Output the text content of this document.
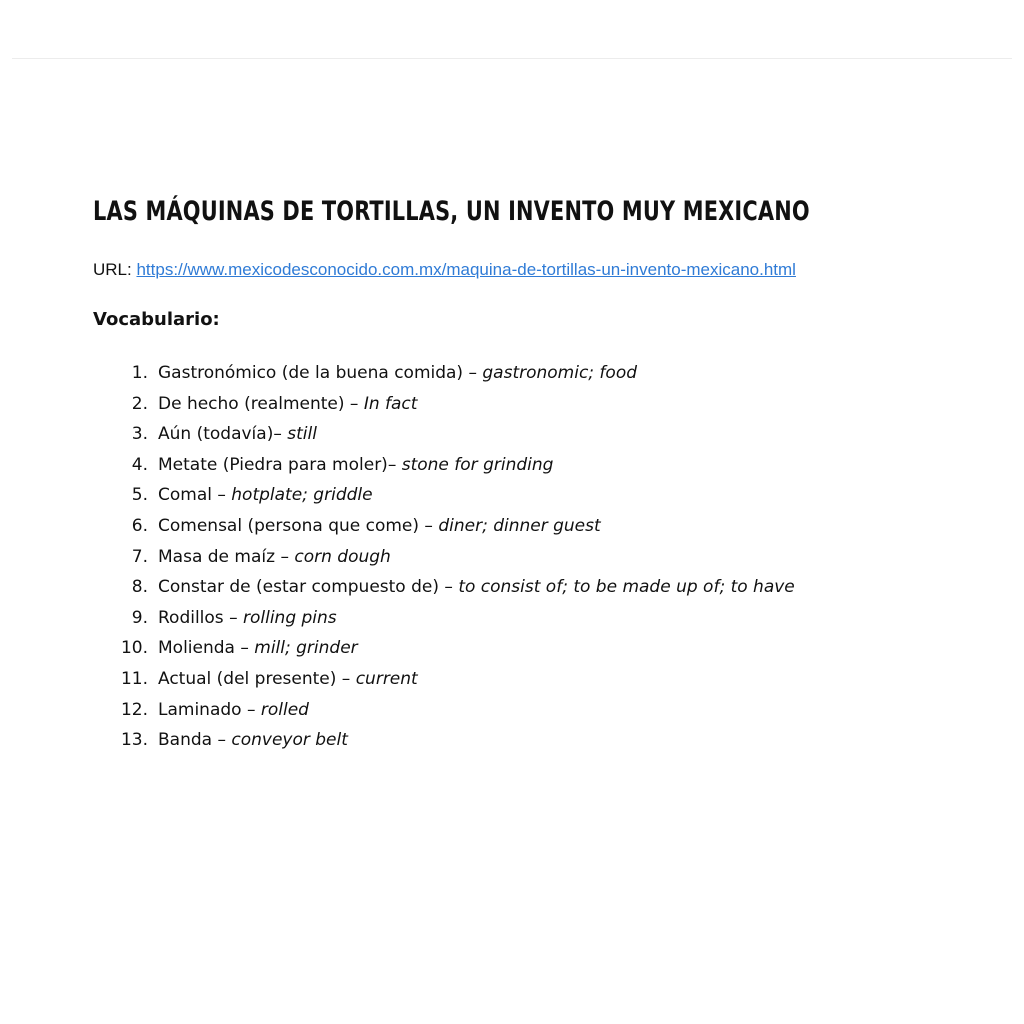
LAS MÁQUINAS DE TORTILLAS, UN INVENTO MUY MEXICANO
URL: https://www.mexicodesconocido.com.mx/maquina-de-tortillas-un-invento-mexicano.html
Vocabulario:
1. Gastronómico (de la buena comida) – gastronomic; food
2. De hecho (realmente) – In fact
3. Aún (todavía)– still
4. Metate (Piedra para moler)– stone for grinding
5. Comal – hotplate; griddle
6. Comensal (persona que come) – diner; dinner guest
7. Masa de maíz – corn dough
8. Constar de (estar compuesto de) – to consist of; to be made up of; to have
9. Rodillos – rolling pins
10. Molienda – mill; grinder
11. Actual (del presente) – current
12. Laminado – rolled
13. Banda – conveyor belt
